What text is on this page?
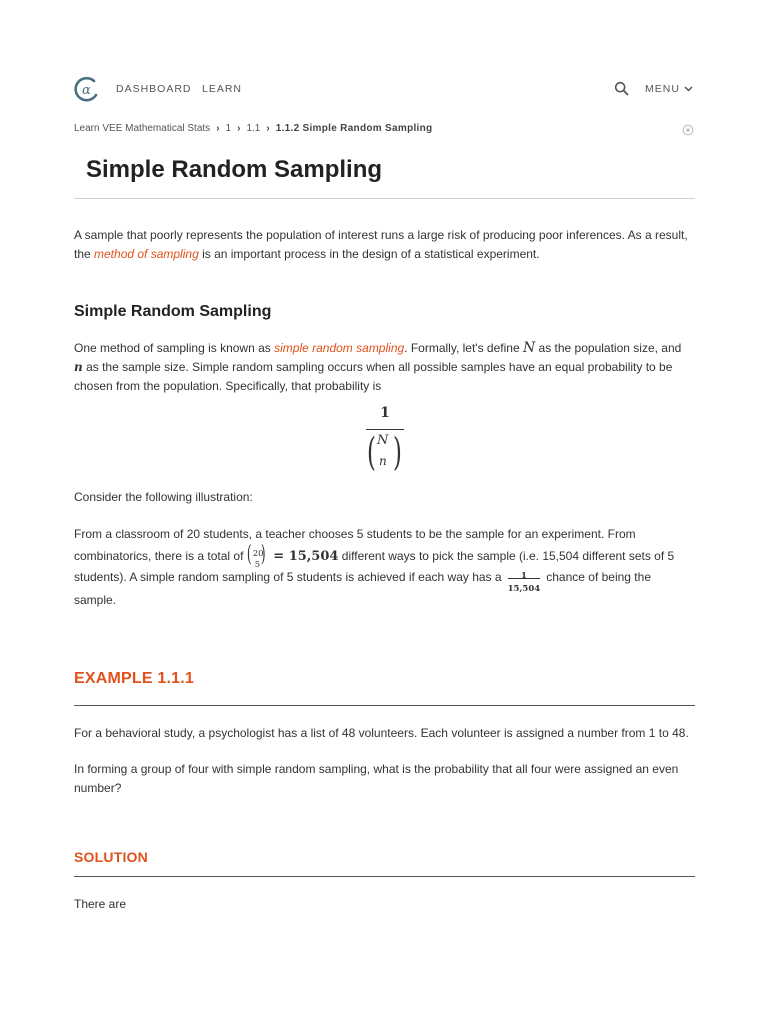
α DASHBOARD LEARN	MENU
Learn VEE Mathematical Stats › 1 › 1.1 › 1.1.2 Simple Random Sampling
Simple Random Sampling

A sample that poorly represents the population of interest runs a large risk of producing poor inferences. As a result, the method of sampling is an important process in the design of a statistical experiment.

Simple Random Sampling

One method of sampling is known as simple random sampling. Formally, let's define N as the population size, and
n as the sample size. Simple random sampling occurs when all possible samples have an equal probability to be chosen from the population. Specifically, that probability is

1
( N
n )

Consider the following illustration:

From a classroom of 20 students, a teacher chooses 5 students to be the sample for an experiment. From combinatorics, there is a total of ( 20
5 ) = 15,504 different ways to pick the sample (i.e. 15,504 different sets of 5 students). A simple random sampling of 5 students is achieved if each way has a	1
15,504
chance of being the sample.

EXAMPLE 1.1.1

For a behavioral study, a psychologist has a list of 48 volunteers. Each volunteer is assigned a number from 1 to 48.

In forming a group of four with simple random sampling, what is the probability that all four were assigned an even number?

SOLUTION

There are
